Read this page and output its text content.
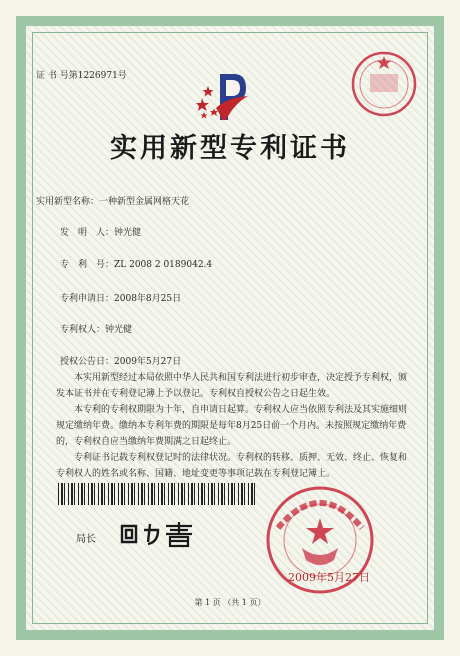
证 书 号第1226971号
实用新型专利证书
实用新型名称：一种新型金属网格天花
发　明　人：钟光健
专　利　号：ZL 2008 2 0189042.4
专利申请日：2008年8月25日
专利权人：钟光健
授权公告日：2009年5月27日

本实用新型经过本局依照中华人民共和国专利法进行初步审查，决定授予专利权，颁发本证书并在专利登记簿上予以登记。专利权自授权公告之日起生效。

本专利的专利权期限为十年，自申请日起算。专利权人应当依照专利法及其实施细则规定缴纳年费。缴纳本专利年费的期限是每年8月25日前一个月内。未按照规定缴纳年费的，专利权自应当缴纳年费期满之日起终止。

专利证书记载专利权登记时的法律状况。专利权的转移、质押、无效、终止、恢复和专利权人的姓名或名称、国籍、地址变更等事项记载在专利登记簿上。

局长
2009年5月27日
第 1 页 （共 1 页）
